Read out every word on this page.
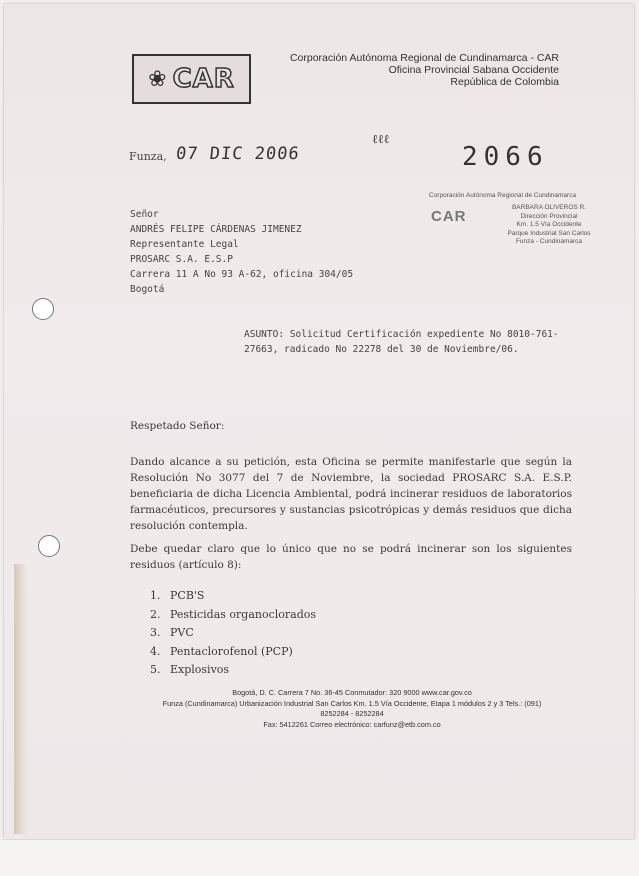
❀ CAR
Corporación Autónoma Regional de Cundinamarca - CAR
Oficina Provincial Sabana Occidente
República de Colombia
Funza, 07 DIC 2006
ℓℓℓ
2066
Corporación Autónoma Regional de Cundinamarca
CAR
BARBARA OLIVEROS R.
Dirección Provincial
Km. 1.5 Vía Occidente
Parque Industrial San Carlos
Funza - Cundinamarca
Señor
ANDRÉS FELIPE CÁRDENAS JIMENEZ
Representante Legal
PROSARC S.A. E.S.P
Carrera 11 A No 93 A-62, oficina 304/05
Bogotá
ASUNTO: Solicitud Certificación expediente No 8010-761-27663, radicado No 22278 del 30 de Noviembre/06.
Respetado Señor:
Dando alcance a su petición, esta Oficina se permite manifestarle que según la Resolución No 3077 del 7 de Noviembre, la sociedad PROSARC S.A. E.S.P. beneficiaria de dicha Licencia Ambiental, podrá incinerar residuos de laboratorios farmacéuticos, precursores y sustancias psicotrópicas y demás residuos que dicha resolución contempla.
Debe quedar claro que lo único que no se podrá incinerar son los siguientes residuos (artículo 8):
1. PCB'S
2. Pesticidas organoclorados
3. PVC
4. Pentaclorofenol (PCP)
5. Explosivos
Bogotá, D. C. Carrera 7 No. 36-45 Conmutador: 320 9000 www.car.gov.co
Funza (Cundinamarca) Urbanización Industrial San Carlos Km. 1.5 Vía Occidente, Etapa 1 módulos 2 y 3 Tels.: (091)
8252284 - 8252284
Fax: 5412261 Correo electrónico: carfunz@etb.com.co
